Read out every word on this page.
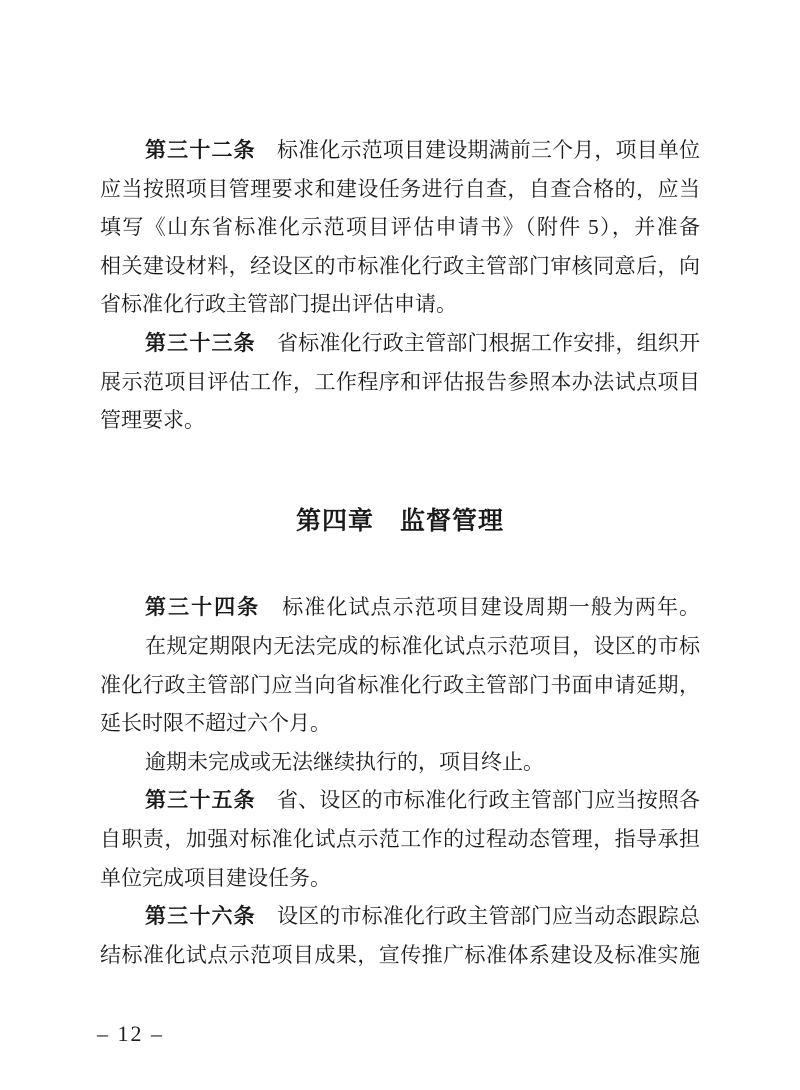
第三十二条　标准化示范项目建设期满前三个月，项目单位
应当按照项目管理要求和建设任务进行自查，自查合格的，应当
填写《山东省标准化示范项目评估申请书》（附件 5），并准备
相关建设材料，经设区的市标准化行政主管部门审核同意后，向
省标准化行政主管部门提出评估申请。
第三十三条　省标准化行政主管部门根据工作安排，组织开
展示范项目评估工作，工作程序和评估报告参照本办法试点项目
管理要求。
第四章　监督管理
第三十四条　标准化试点示范项目建设周期一般为两年。
在规定期限内无法完成的标准化试点示范项目，设区的市标
准化行政主管部门应当向省标准化行政主管部门书面申请延期，
延长时限不超过六个月。
逾期未完成或无法继续执行的，项目终止。
第三十五条　省、设区的市标准化行政主管部门应当按照各
自职责，加强对标准化试点示范工作的过程动态管理，指导承担
单位完成项目建设任务。
第三十六条　设区的市标准化行政主管部门应当动态跟踪总
结标准化试点示范项目成果，宣传推广标准体系建设及标准实施
– 12 –
